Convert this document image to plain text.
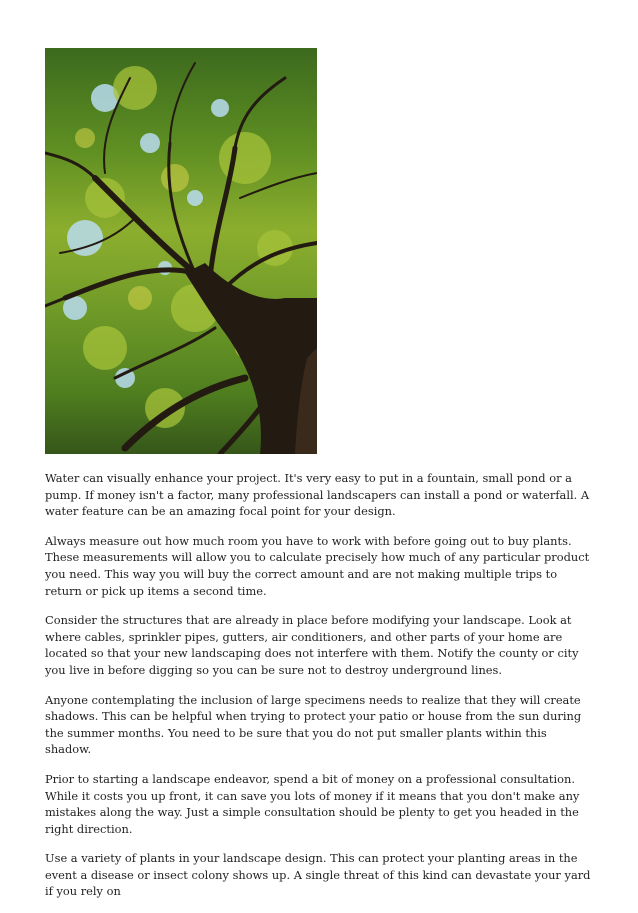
Water can visually enhance your project. It's very easy to put in a fountain, small pond or a pump. If money isn't a factor, many professional landscapers can install a pond or waterfall. A water feature can be an amazing focal point for your design.

Always measure out how much room you have to work with before going out to buy plants. These measurements will allow you to calculate precisely how much of any particular product you need. This way you will buy the correct amount and are not making multiple trips to return or pick up items a second time.

Consider the structures that are already in place before modifying your landscape. Look at where cables, sprinkler pipes, gutters, air conditioners, and other parts of your home are located so that your new landscaping does not interfere with them. Notify the county or city you live in before digging so you can be sure not to destroy underground lines.

Anyone contemplating the inclusion of large specimens needs to realize that they will create shadows. This can be helpful when trying to protect your patio or house from the sun during the summer months. You need to be sure that you do not put smaller plants within this shadow.

Prior to starting a landscape endeavor, spend a bit of money on a professional consultation. While it costs you up front, it can save you lots of money if it means that you don't make any mistakes along the way. Just a simple consultation should be plenty to get you headed in the right direction.

Use a variety of plants in your landscape design. This can protect your planting areas in the event a disease or insect colony shows up. A single threat of this kind can devastate your yard if you rely on
